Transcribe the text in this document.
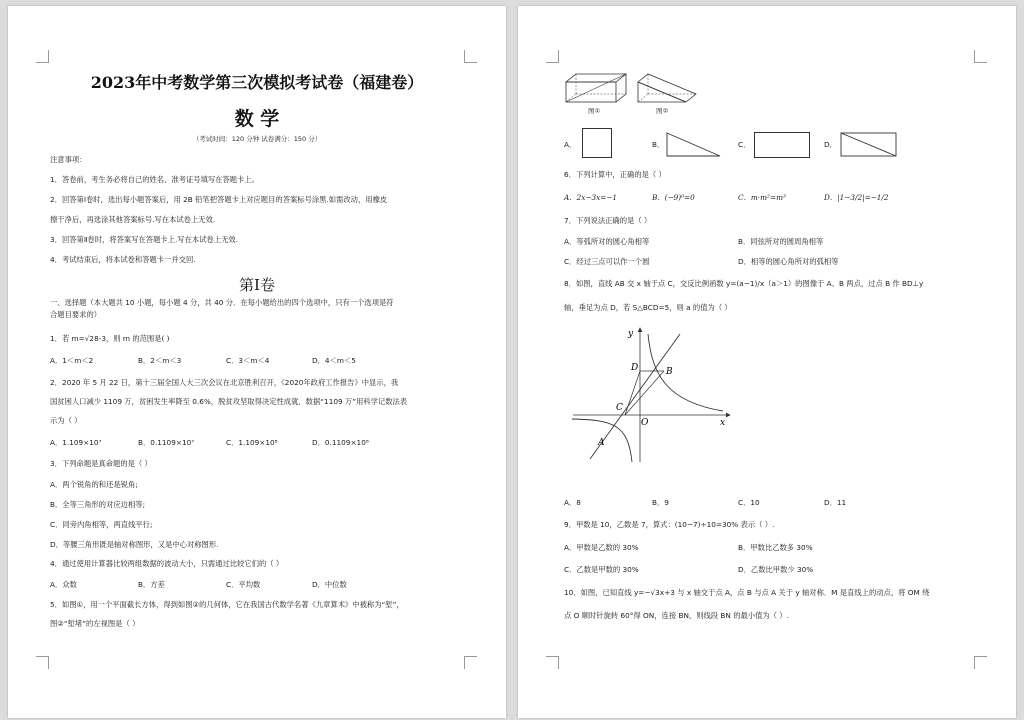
2023年中考数学第三次模拟考试卷（福建卷）
数 学
（考试时间：120 分钟 试卷满分：150 分）
注意事项：
1．答卷前，考生务必将自己的姓名、准考证号填写在答题卡上。
2．回答第Ⅰ卷时，选出每小题答案后，用 2B 铅笔把答题卡上对应题目的答案标号涂黑.如需改动，用橡皮
擦干净后，再选涂其他答案标号.写在本试卷上无效.
3．回答第Ⅱ卷时，将答案写在答题卡上.写在本试卷上无效.
4．考试结束后，将本试卷和答题卡一并交回.
第Ⅰ卷
一、选择题（本大题共 10 小题，每小题 4 分，共 40 分．在每小题给出的四个选项中，只有一个选项是符
合题目要求的）
1．若 m=√28-3，则 m 的范围是( )
A．1＜m＜2	B．2＜m＜3	C．3＜m＜4	D．4＜m＜5
2．2020 年 5 月 22 日，第十三届全国人大三次会议在北京胜利召开，《2020年政府工作报告》中显示，我
国贫困人口减少 1109 万，贫困发生率降至 0.6%，脱贫攻坚取得决定性成就．数据“1109 万”用科学记数法表
示为（ ）
A．1.109×10⁷	B．0.1109×10⁷	C．1.109×10⁸	D．0.1109×10⁸
3．下列命题是真命题的是（ ）
A．两个锐角的和还是锐角;
B．全等三角形的对应边相等;
C．同旁内角相等，两直线平行;
D．等腰三角形既是轴对称图形，又是中心对称图形.
4．通过使用计算器比较两组数据的波动大小，只需通过比较它们的（ ）
A．众数	B．方差	C．平均数	D．中位数
5．如图①，用一个平面截长方体，得到如图②的几何体，它在我国古代数学名著《九章算术》中被称为“堑”，
图②“堑堵”的左视图是（ ）
图①	图②
A．	B．	C．	D．
6．下列计算中，正确的是（ ）
A．2x−3x=−1	B．(−9)⁰=0	C．m·m²=m³	D．|1−3/2|=−1/2
7．下列说法正确的是（ ）
A．等弧所对的圆心角相等	B．同弦所对的圆周角相等
C．经过三点可以作一个圆	D．相等的圆心角所对的弧相等
8．如图，直线 AB 交 x 轴于点 C，交反比例函数 y=(a−1)/x（a＞1）的图像于 A、B 两点，过点 B 作 BD⊥y
轴，垂足为点 D，若 S△BCD=5，则 a 的值为（ ）
y
x
O
B
D
C
A
A．8	B．9	C．10	D．11
9．甲数是 10，乙数是 7，算式：(10−7)÷10=30% 表示（ ）.
A．甲数是乙数的 30%	B．甲数比乙数多 30%
C．乙数是甲数的 30%	D．乙数比甲数少 30%
10．如图，已知直线 y=−√3x+3 与 x 轴交于点 A，点 B 与点 A 关于 y 轴对称．M 是直线上的动点，将 OM 绕
点 O 顺时针旋转 60°得 ON，连接 BN，则线段 BN 的最小值为（ ）.
